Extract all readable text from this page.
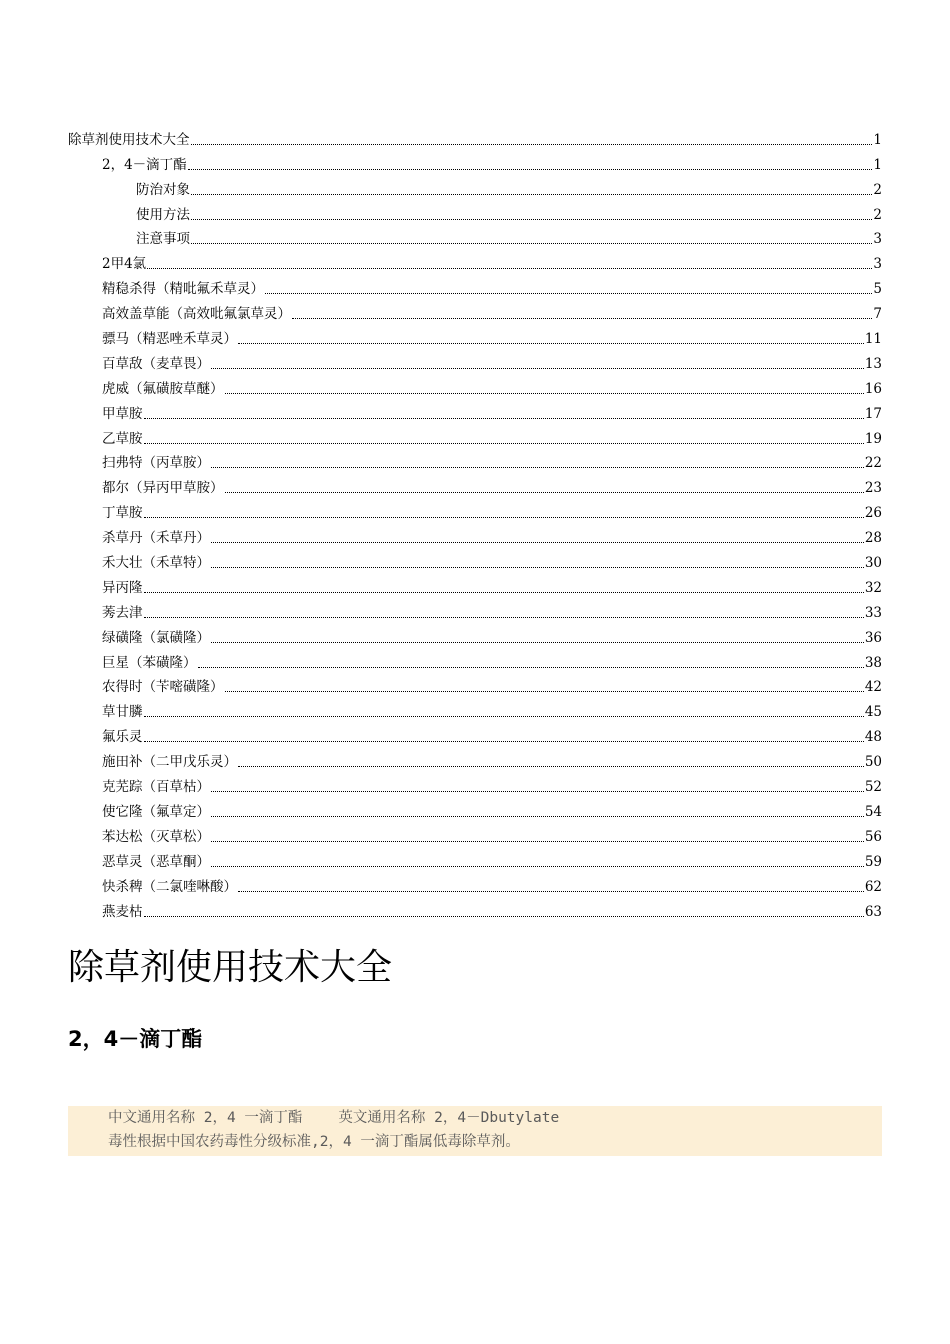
除草剂使用技术大全	1
2，4－滴丁酯	1
防治对象	2
使用方法	2
注意事项	3
2甲4氯	3
精稳杀得（精吡氟禾草灵）	5
高效盖草能（高效吡氟氯草灵）	7
骠马（精恶唑禾草灵）	11
百草敌（麦草畏）	13
虎威（氟磺胺草醚）	16
甲草胺	17
乙草胺	19
扫弗特（丙草胺）	22
都尔（异丙甲草胺）	23
丁草胺	26
杀草丹（禾草丹）	28
禾大壮（禾草特）	30
异丙隆	32
莠去津	33
绿磺隆（氯磺隆）	36
巨星（苯磺隆）	38
农得时（苄嘧磺隆）	42
草甘膦	45
氟乐灵	48
施田补（二甲戊乐灵）	50
克芜踪（百草枯）	52
使它隆（氟草定）	54
苯达松（灭草松）	56
恶草灵（恶草酮）	59
快杀稗（二氯喹啉酸）	62
燕麦枯	63
除草剂使用技术大全
2，4－滴丁酯
中文通用名称 2，4 一滴丁酯 英文通用名称 2，4－Dbutylate
毒性根据中国农药毒性分级标准,2，4 一滴丁酯属低毒除草剂。
